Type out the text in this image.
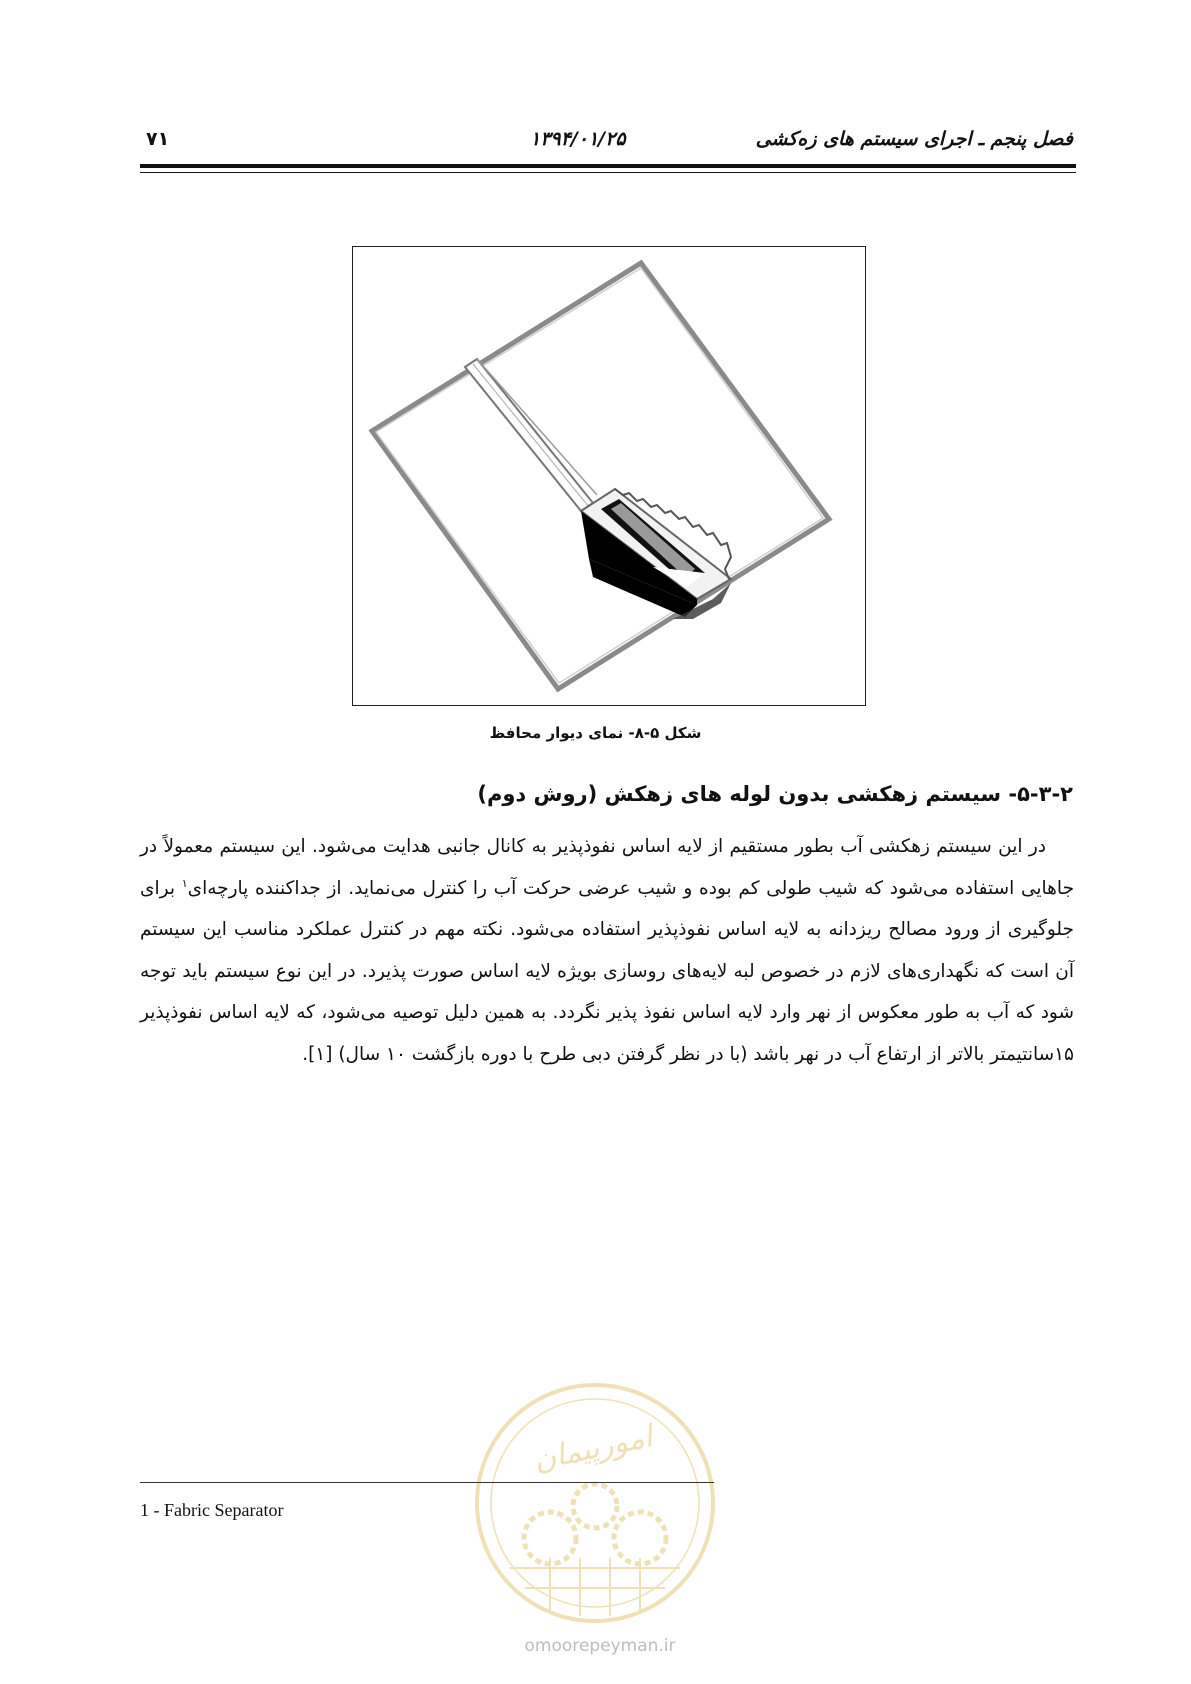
فصل پنجم ـ اجرای سیستم های زه‌کشی
۱۳۹۴/۰۱/۲۵
۷۱
شکل ۵-۸- نمای دیوار محافظ
۵-۳-۲- سیستم زهکشی بدون لوله های زهکش (روش دوم)

در این سیستم زهکشی آب بطور مستقیم از لایه اساس نفوذپذیر به کانال جانبی هدایت می‌شود. این سیستم معمولاً در جاهایی استفاده می‌شود که شیب طولی کم بوده و شیب عرضی حرکت آب را کنترل می‌نماید. از جداکننده پارچه‌ای$^۱$ برای جلوگیری از ورود مصالح ریزدانه به لایه اساس نفوذپذیر استفاده می‌شود. نکته مهم در کنترل عملکرد مناسب این سیستم آن است که نگهداری‌های لازم در خصوص لبه لایه‌های روسازی بویژه لایه اساس صورت پذیرد. در این نوع سیستم باید توجه شود که آب به طور معکوس از نهر وارد لایه اساس نفوذ پذیر نگردد. به همین دلیل توصیه می‌شود، که لایه اساس نفوذپذیر ۱۵سانتیمتر بالاتر از ارتفاع آب در نهر باشد (با در نظر گرفتن دبی طرح با دوره بازگشت ۱۰ سال) [۱].

امورپیمان
omoorepeyman.ir
1 - Fabric Separator
